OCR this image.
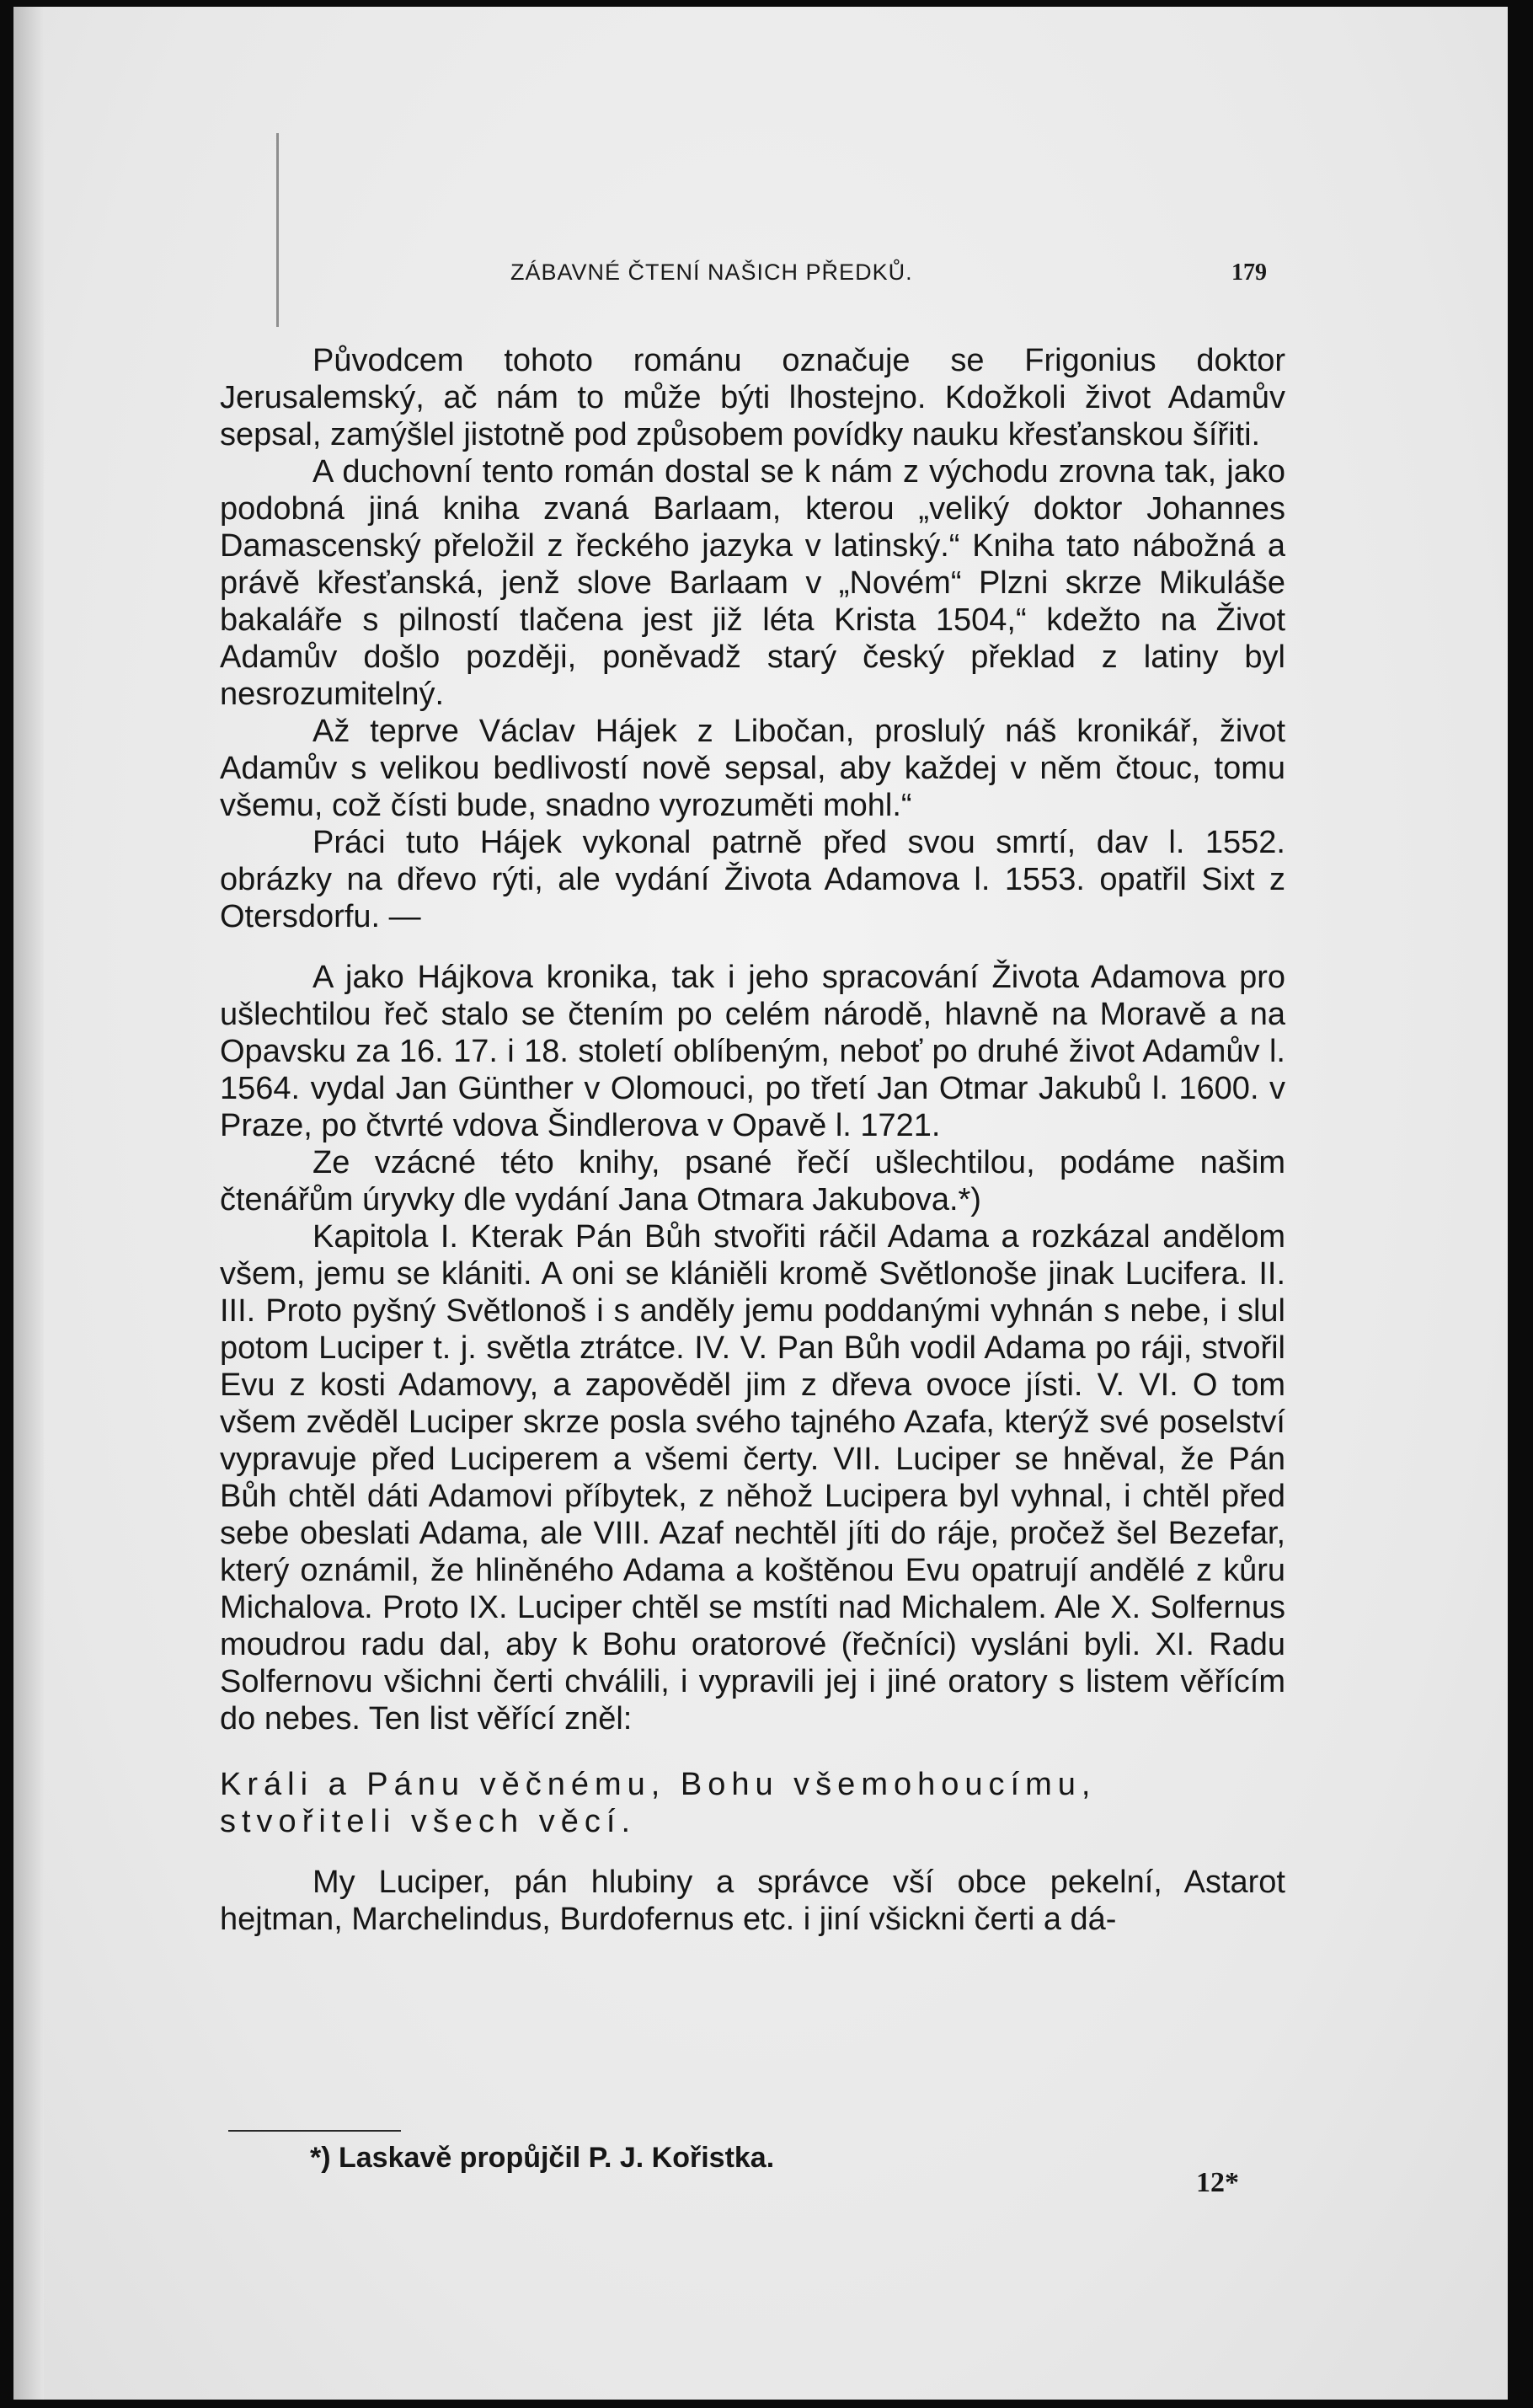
ZÁBAVNÉ ČTENÍ NAŠICH PŘEDKŮ.	179

Původcem tohoto románu označuje se Frigonius doktor Jerusalemský, ač nám to může býti lhostejno. Kdožkoli život Adamův sepsal, zamýšlel jistotně pod způsobem povídky nauku křesťanskou šířiti.

A duchovní tento román dostal se k nám z východu zrovna tak, jako podobná jiná kniha zvaná Barlaam, kterou „veliký doktor Johannes Damascenský přeložil z řeckého jazyka v latinský.“ Kniha tato nábožná a právě křesťanská, jenž slove Barlaam v „Novém“ Plzni skrze Mikuláše bakaláře s pilností tlačena jest již léta Krista 1504,“ kdežto na Život Adamův došlo později, poněvadž starý český překlad z latiny byl nesrozumitelný.

Až teprve Václav Hájek z Libočan, proslulý náš kronikář, život Adamův s velikou bedlivostí nově sepsal, aby každej v něm čtouc, tomu všemu, což čísti bude, snadno vyrozuměti mohl.“

Práci tuto Hájek vykonal patrně před svou smrtí, dav l. 1552. obrázky na dřevo rýti, ale vydání Života Adamova l. 1553. opatřil Sixt z Otersdorfu. —

A jako Hájkova kronika, tak i jeho spracování Života Adamova pro ušlechtilou řeč stalo se čtením po celém národě, hlavně na Moravě a na Opavsku za 16. 17. i 18. století oblíbeným, neboť po druhé život Adamův l. 1564. vydal Jan Günther v Olomouci, po třetí Jan Otmar Jakubů l. 1600. v Praze, po čtvrté vdova Šindlerova v Opavě l. 1721.

Ze vzácné této knihy, psané řečí ušlechtilou, podáme našim čtenářům úryvky dle vydání Jana Otmara Jakubova.*)

Kapitola I. Kterak Pán Bůh stvořiti ráčil Adama a rozkázal andělom všem, jemu se klániti. A oni se klániěli kromě Světlonoše jinak Lucifera. II. III. Proto pyšný Světlonoš i s anděly jemu poddanými vyhnán s nebe, i slul potom Luciper t. j. světla ztrátce. IV. V. Pan Bůh vodil Adama po ráji, stvořil Evu z kosti Adamovy, a zapověděl jim z dřeva ovoce jísti. V. VI. O tom všem zvěděl Luciper skrze posla svého tajného Azafa, kterýž své poselství vypravuje před Luciperem a všemi čerty. VII. Luciper se hněval, že Pán Bůh chtěl dáti Adamovi příbytek, z něhož Lucipera byl vyhnal, i chtěl před sebe obeslati Adama, ale VIII. Azaf nechtěl jíti do ráje, pročež šel Bezefar, který oznámil, že hliněného Adama a koštěnou Evu opatrují andělé z kůru Michalova. Proto IX. Luciper chtěl se mstíti nad Michalem. Ale X. Solfernus moudrou radu dal, aby k Bohu oratorové (řečníci) vysláni byli. XI. Radu Solfernovu všichni čerti chválili, i vypravili jej i jiné oratory s listem věřícím do nebes. Ten list věřící zněl:

Králi a Pánu věčnému, Bohu všemohoucímu,
stvořiteli všech věcí.

My Luciper, pán hlubiny a správce vší obce pekelní, Astarot hejtman, Marchelindus, Burdofernus etc. i jiní všickni čerti a dá-

*) Laskavě propůjčil P. J. Kořistka.
12*
